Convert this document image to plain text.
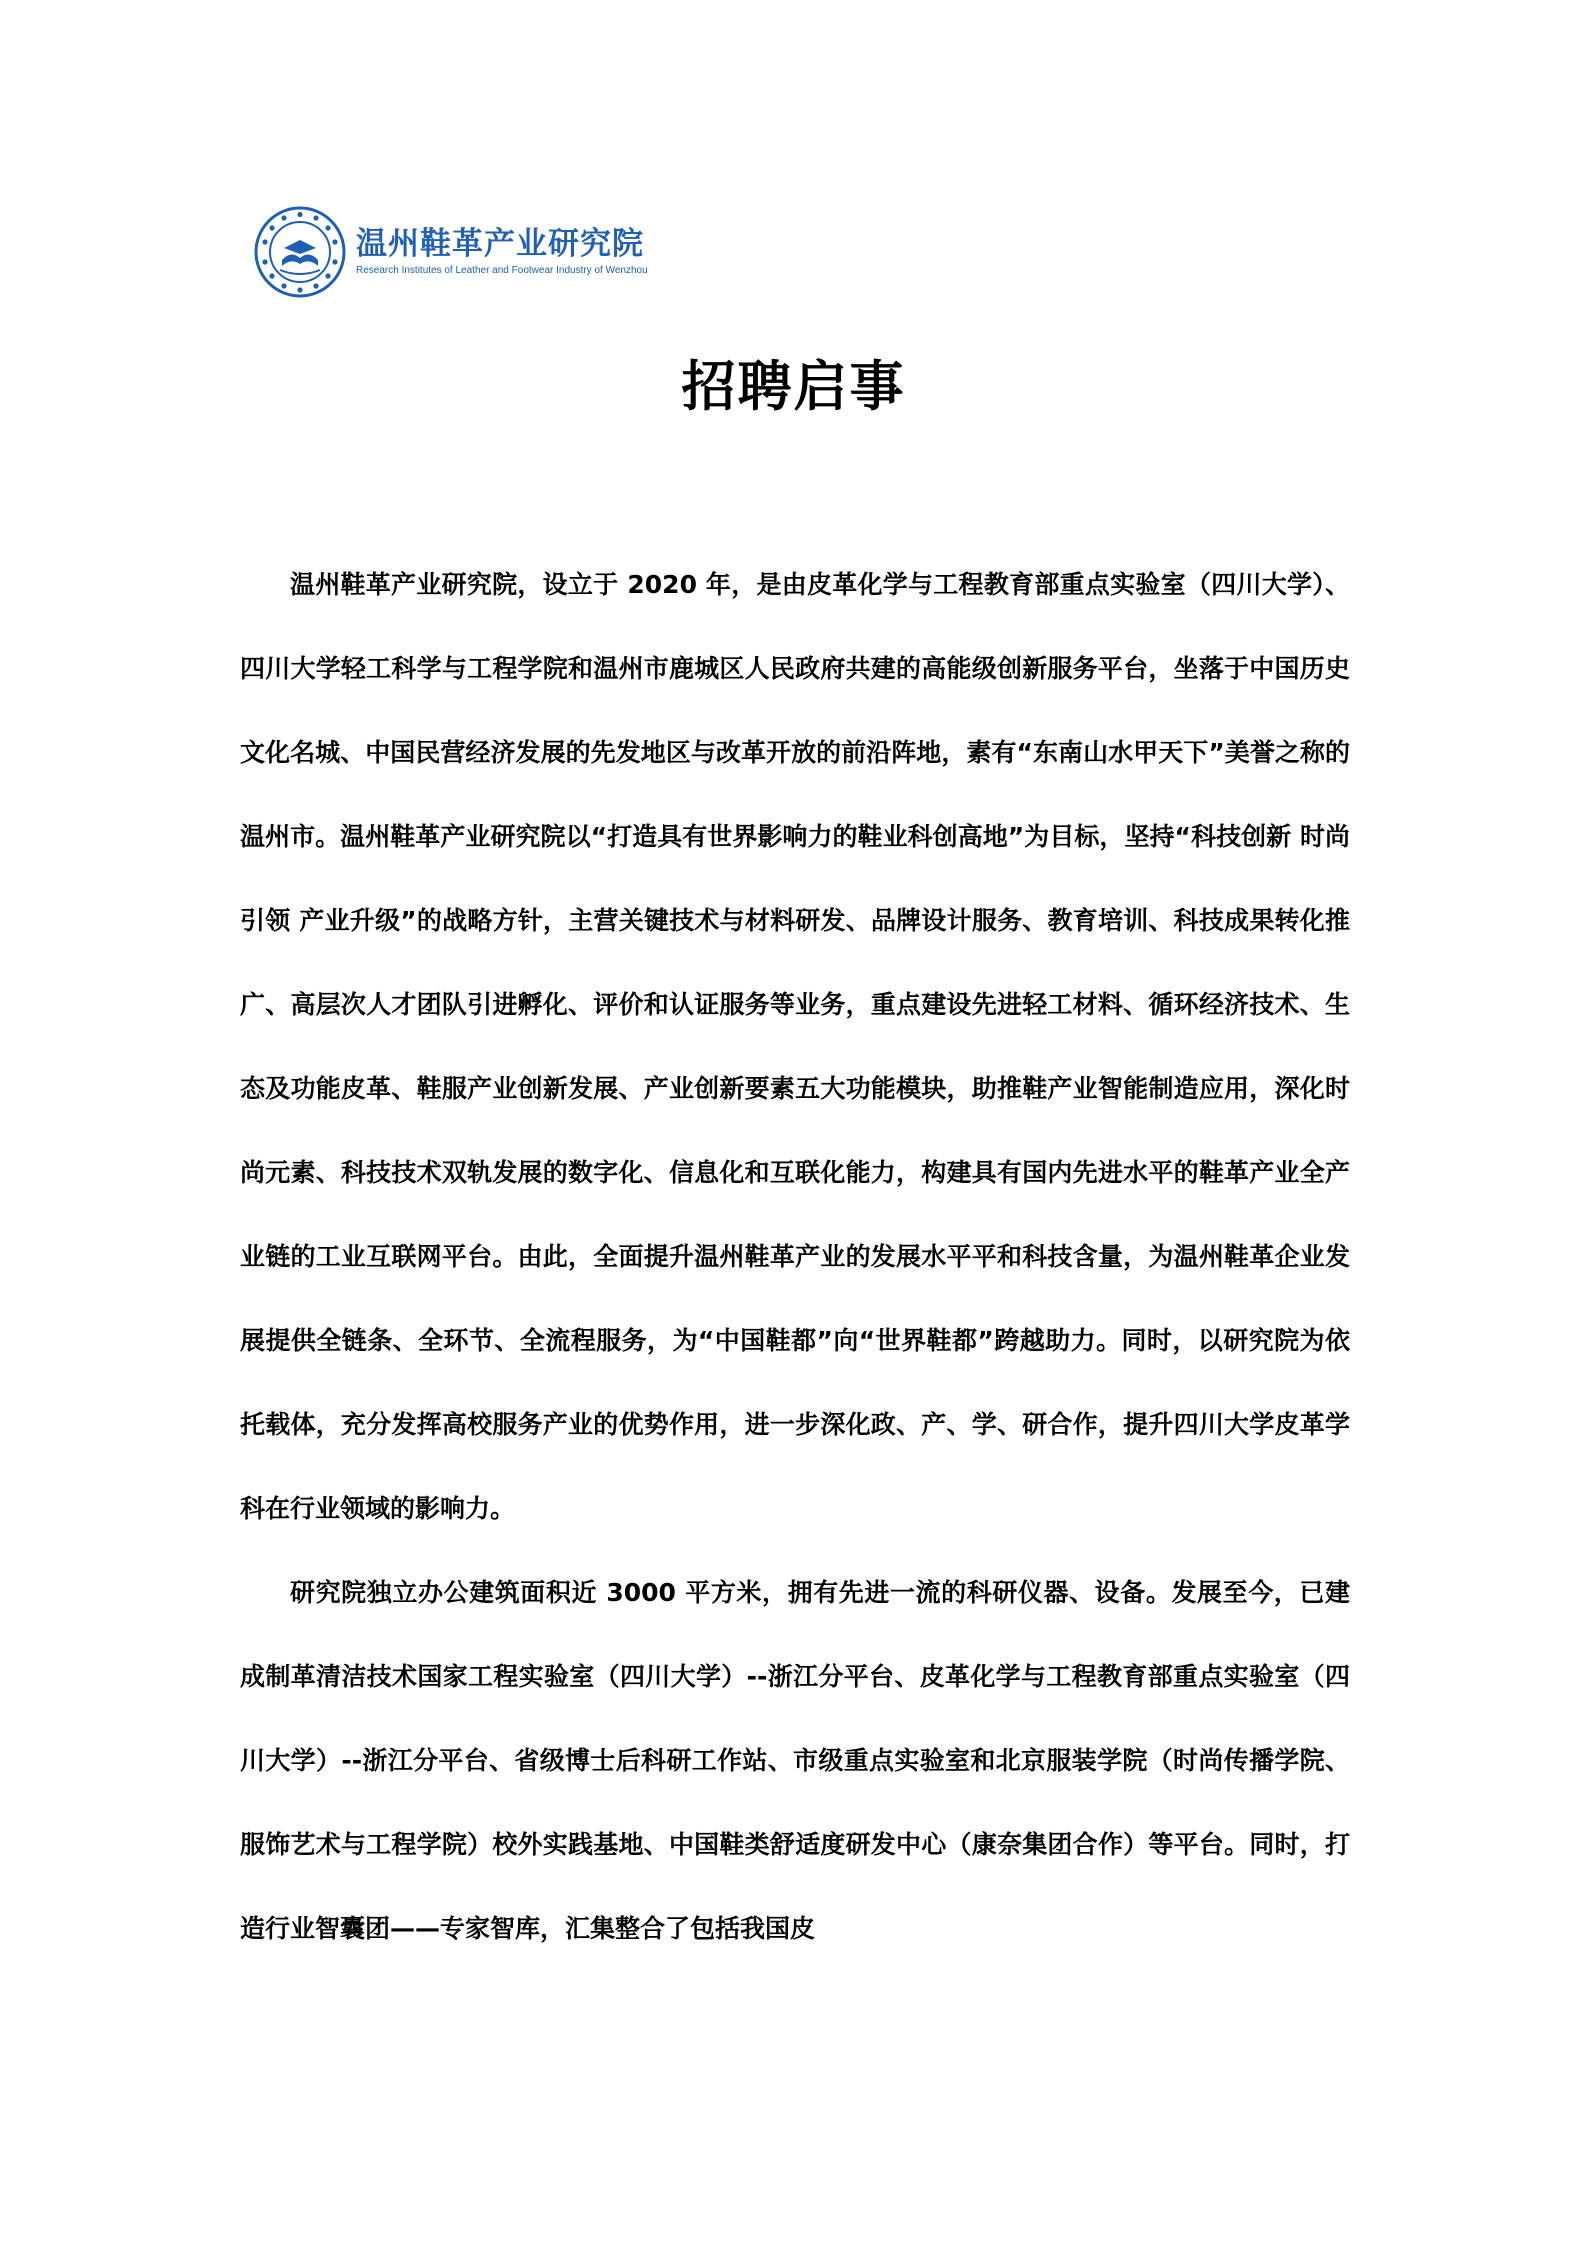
温州鞋革产业研究院
Research Institutes of Leather and Footwear Industry of Wenzhou
招聘启事

温州鞋革产业研究院，设立于 2020 年，是由皮革化学与工程教育部重点实验室（四川大学）、四川大学轻工科学与工程学院和温州市鹿城区人民政府共建的高能级创新服务平台，坐落于中国历史文化名城、中国民营经济发展的先发地区与改革开放的前沿阵地，素有“东南山水甲天下”美誉之称的温州市。温州鞋革产业研究院以“打造具有世界影响力的鞋业科创高地”为目标，坚持“科技创新 时尚引领 产业升级”的战略方针，主营关键技术与材料研发、品牌设计服务、教育培训、科技成果转化推广、高层次人才团队引进孵化、评价和认证服务等业务，重点建设先进轻工材料、循环经济技术、生态及功能皮革、鞋服产业创新发展、产业创新要素五大功能模块，助推鞋产业智能制造应用，深化时尚元素、科技技术双轨发展的数字化、信息化和互联化能力，构建具有国内先进水平的鞋革产业全产业链的工业互联网平台。由此，全面提升温州鞋革产业的发展水平平和科技含量，为温州鞋革企业发展提供全链条、全环节、全流程服务，为“中国鞋都”向“世界鞋都”跨越助力。同时，以研究院为依托载体，充分发挥高校服务产业的优势作用，进一步深化政、产、学、研合作，提升四川大学皮革学科在行业领域的影响力。

研究院独立办公建筑面积近 3000 平方米，拥有先进一流的科研仪器、设备。发展至今，已建成制革清洁技术国家工程实验室（四川大学）--浙江分平台、皮革化学与工程教育部重点实验室（四川大学）--浙江分平台、省级博士后科研工作站、市级重点实验室和北京服装学院（时尚传播学院、服饰艺术与工程学院）校外实践基地、中国鞋类舒适度研发中心（康奈集团合作）等平台。同时，打造行业智囊团——专家智库，汇集整合了包括我国皮
